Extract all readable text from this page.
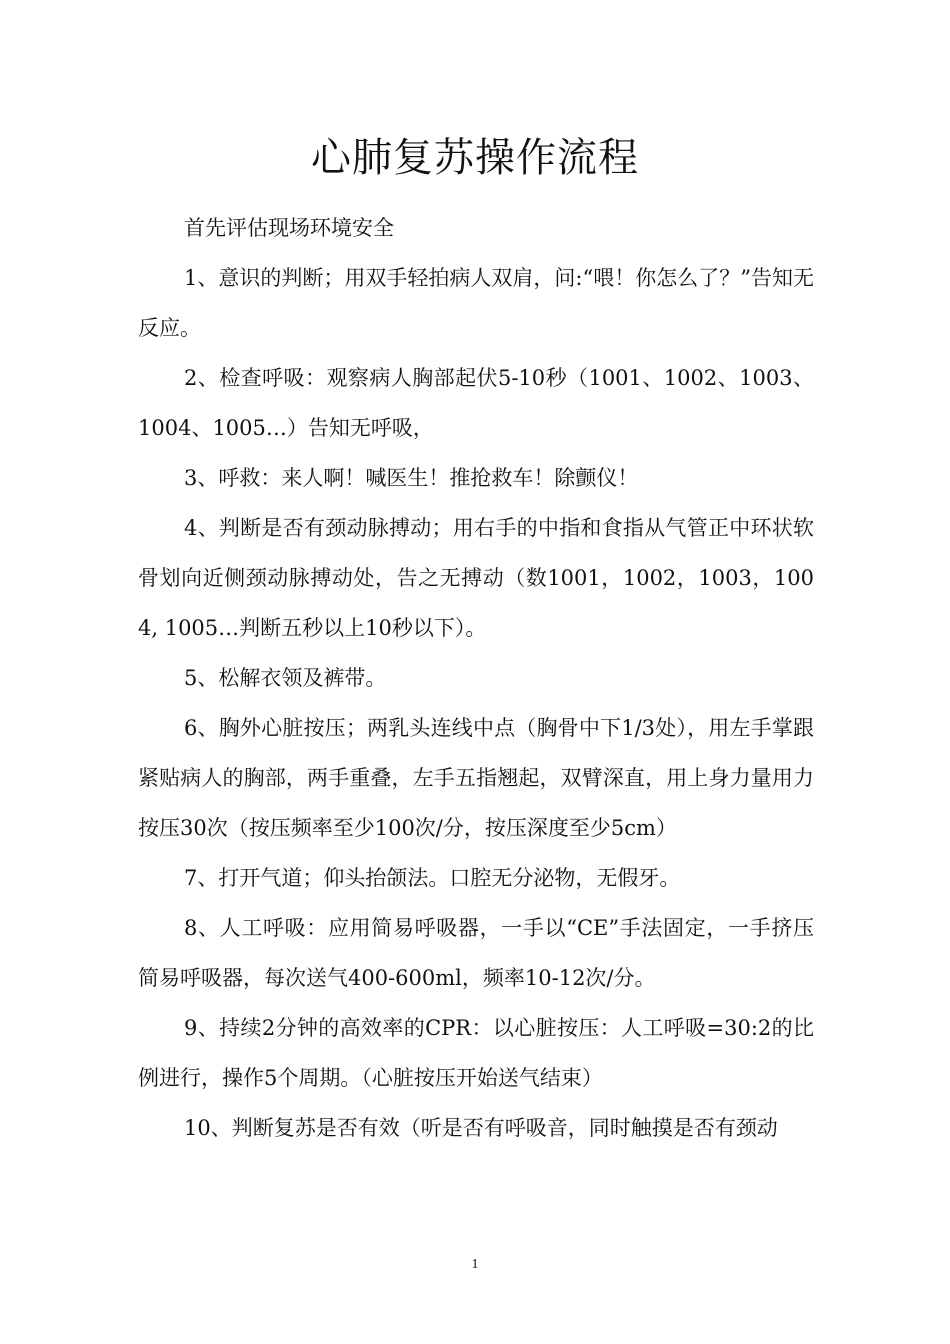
心肺复苏操作流程

首先评估现场环境安全

1、意识的判断；用双手轻拍病人双肩，问:“喂！你怎么了？”告知无反应。

2、检查呼吸：观察病人胸部起伏5-10秒（1001、1002、1003、1004、1005…）告知无呼吸，

3、呼救：来人啊！喊医生！推抢救车！除颤仪！

4、判断是否有颈动脉搏动；用右手的中指和食指从气管正中环状软骨划向近侧颈动脉搏动处，告之无搏动（数1001，1002，1003，1004, 1005…判断五秒以上10秒以下）。

5、松解衣领及裤带。

6、胸外心脏按压；两乳头连线中点（胸骨中下1/3处），用左手掌跟紧贴病人的胸部，两手重叠，左手五指翘起，双臂深直，用上身力量用力按压30次（按压频率至少100次/分，按压深度至少5cm）

7、打开气道；仰头抬颌法。口腔无分泌物，无假牙。

8、人工呼吸：应用简易呼吸器，一手以“CE”手法固定，一手挤压简易呼吸器，每次送气400-600ml，频率10-12次/分。

9、持续2分钟的高效率的CPR：以心脏按压：人工呼吸=30:2的比例进行，操作5个周期。（心脏按压开始送气结束）

10、判断复苏是否有效（听是否有呼吸音，同时触摸是否有颈动

1
